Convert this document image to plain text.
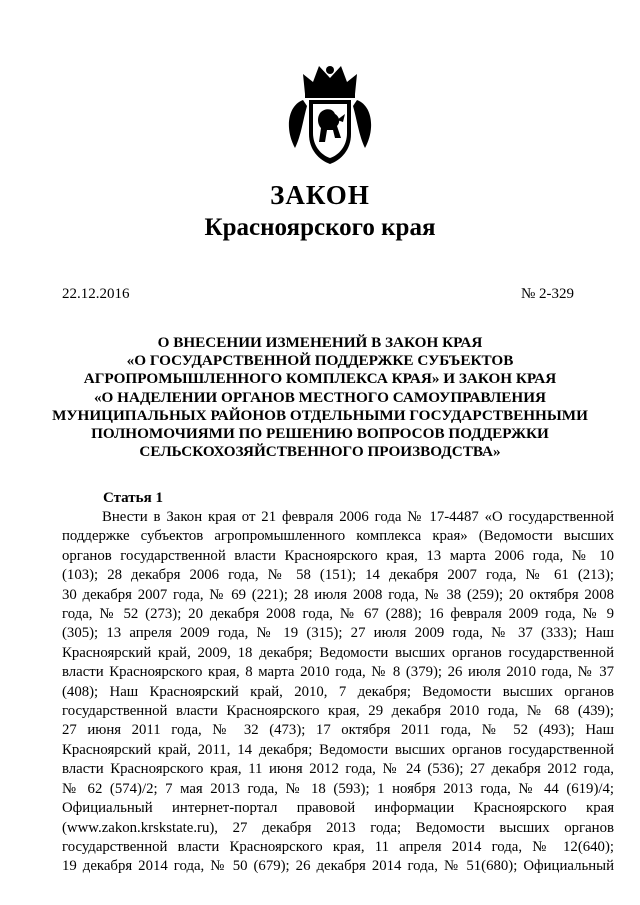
ЗАКОН
Красноярского края
22.12.2016	№ 2-329
О ВНЕСЕНИИ ИЗМЕНЕНИЙ В ЗАКОН КРАЯ
«О ГОСУДАРСТВЕННОЙ ПОДДЕРЖКЕ СУБЪЕКТОВ
АГРОПРОМЫШЛЕННОГО КОМПЛЕКСА КРАЯ» И ЗАКОН КРАЯ
«О НАДЕЛЕНИИ ОРГАНОВ МЕСТНОГО САМОУПРАВЛЕНИЯ
МУНИЦИПАЛЬНЫХ РАЙОНОВ ОТДЕЛЬНЫМИ ГОСУДАРСТВЕННЫМИ
ПОЛНОМОЧИЯМИ ПО РЕШЕНИЮ ВОПРОСОВ ПОДДЕРЖКИ
СЕЛЬСКОХОЗЯЙСТВЕННОГО ПРОИЗВОДСТВА»
Статья 1
Внести в Закон края от 21 февраля 2006 года № 17-4487 «О государственной
поддержке субъектов агропромышленного комплекса края» (Ведомости высших
органов государственной власти Красноярского края, 13 марта 2006 года, № 10
(103); 28 декабря 2006 года, № 58 (151); 14 декабря 2007 года, № 61 (213);
30 декабря 2007 года, № 69 (221); 28 июля 2008 года, № 38 (259); 20 октября 2008
года, № 52 (273); 20 декабря 2008 года, № 67 (288); 16 февраля 2009 года, № 9
(305); 13 апреля 2009 года, № 19 (315); 27 июля 2009 года, № 37 (333); Наш
Красноярский край, 2009, 18 декабря; Ведомости высших органов государственной
власти Красноярского края, 8 марта 2010 года, № 8 (379); 26 июля 2010 года, № 37
(408); Наш Красноярский край, 2010, 7 декабря; Ведомости высших органов
государственной власти Красноярского края, 29 декабря 2010 года, № 68 (439);
27 июня 2011 года, № 32 (473); 17 октября 2011 года, № 52 (493); Наш
Красноярский край, 2011, 14 декабря; Ведомости высших органов государственной
власти Красноярского края, 11 июня 2012 года, № 24 (536); 27 декабря 2012 года,
№ 62 (574)/2; 7 мая 2013 года, № 18 (593); 1 ноября 2013 года, № 44 (619)/4;
Официальный интернет-портал правовой информации Красноярского края
(www.zakon.krskstate.ru), 27 декабря 2013 года; Ведомости высших органов
государственной власти Красноярского края, 11 апреля 2014 года, № 12(640);
19 декабря 2014 года, № 50 (679); 26 декабря 2014 года, № 51(680); Официальный
